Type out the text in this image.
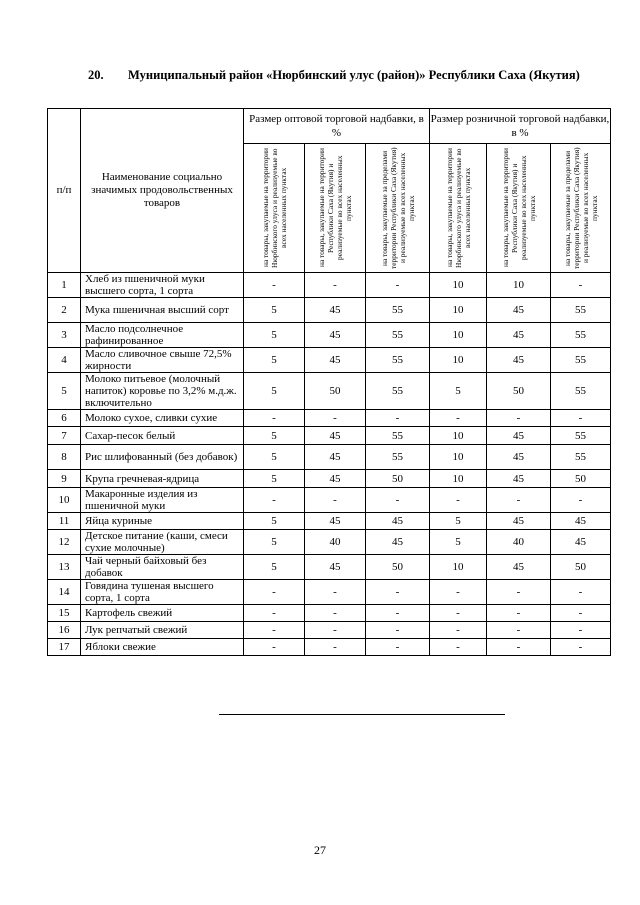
20. Муниципальный район «Нюрбинский улус (район)» Республики Саха (Якутия)
п/п	Наименование социально значимых продовольственных товаров	Размер оптовой торговой надбавки, в %			Размер розничной торговой надбавки, в %		

		на товары, закупаемые на территории Нюрбинского улуса и реализуемые во всех населенных пунктах	на товары, закупаемые на территории Республики Саха (Якутия) и реализуемые во всех населенных пунктах	на товары, закупаемые за пределами территории Республики Саха (Якутия) и реализуемые во всех населенных пунктах	на товары, закупаемые на территории Нюрбинского улуса и реализуемые во всех населенных пунктах	на товары, закупаемые на территории Республики Саха (Якутия) и реализуемые во всех населенных пунктах	на товары, закупаемые за пределами территории Республики Саха (Якутия) и реализуемые во всех населенных пунктах

1	Хлеб из пшеничной муки высшего сорта, 1 сорта	-	-	-	10	10	-
2	Мука пшеничная высший сорт	5	45	55	10	45	55
3	Масло подсолнечное рафинированное	5	45	55	10	45	55
4	Масло сливочное свыше 72,5% жирности	5	45	55	10	45	55
5	Молоко питьевое (молочный напиток) коровье по 3,2% м.д.ж. включительно	5	50	55	5	50	55
6	Молоко сухое, сливки сухие	-	-	-	-	-	-
7	Сахар-песок белый	5	45	55	10	45	55
8	Рис шлифованный (без добавок)	5	45	55	10	45	55
9	Крупа гречневая-ядрица	5	45	50	10	45	50
10	Макаронные изделия из пшеничной муки	-	-	-	-	-	-
11	Яйца куриные	5	45	45	5	45	45
12	Детское питание (каши, смеси сухие молочные)	5	40	45	5	40	45
13	Чай черный байховый без добавок	5	45	50	10	45	50
14	Говядина тушеная высшего сорта, 1 сорта	-	-	-	-	-	-
15	Картофель свежий	-	-	-	-	-	-
16	Лук репчатый свежий	-	-	-	-	-	-
17	Яблоки свежие	-	-	-	-	-	-
27
